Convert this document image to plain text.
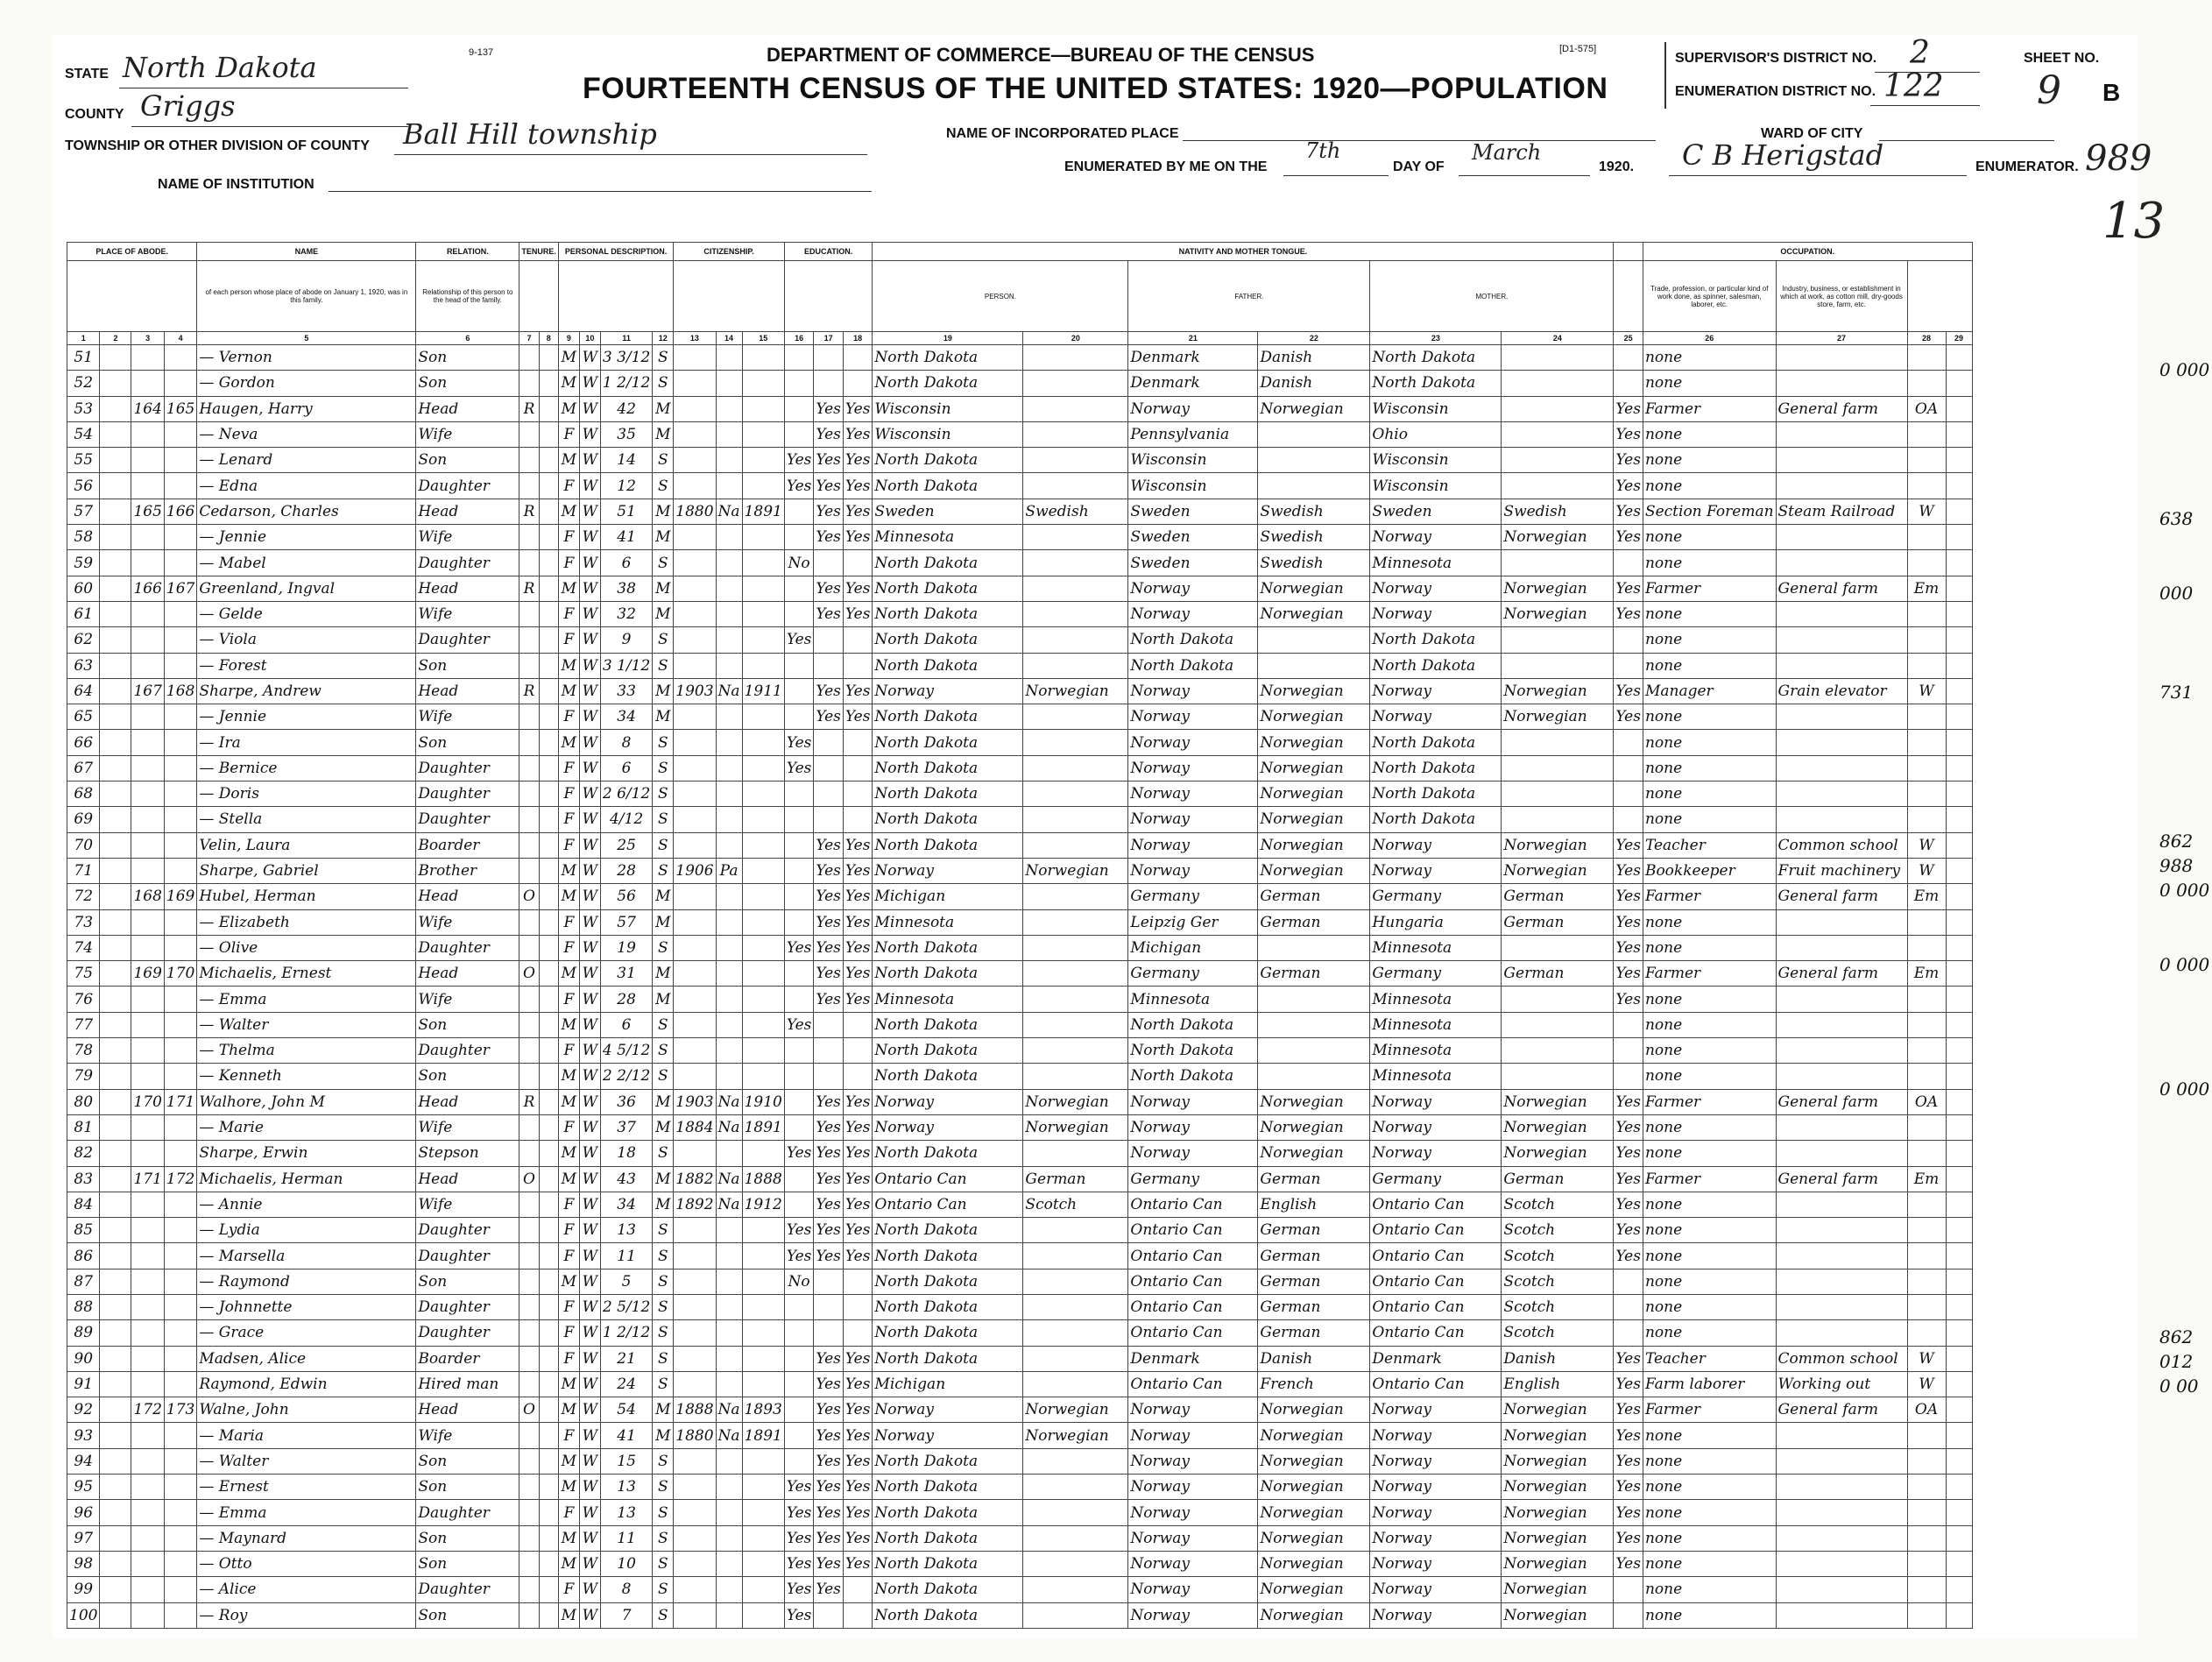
9-137	DEPARTMENT OF COMMERCE—BUREAU OF THE CENSUS	[D1-575]
FOURTEENTH CENSUS OF THE UNITED STATES: 1920—POPULATION
STATE North Dakota
COUNTY Griggs
TOWNSHIP OR OTHER DIVISION OF COUNTY Ball Hill township
NAME OF INSTITUTION
NAME OF INCORPORATED PLACE
ENUMERATED BY ME ON THE
7th
DAY OF
March
1920. C B Herigstad	ENUMERATOR.
WARD OF CITY
SUPERVISOR'S DISTRICT NO. 2
ENUMERATION DISTRICT NO. 122
SHEET NO.
9 B
989
13
PLACE OF ABODE.				NAME	RELATION.	TENURE.		PERSONAL DESCRIPTION.				CITIZENSHIP.			EDUCATION.			NATIVITY AND MOTHER TONGUE.							OCCUPATION.			
				of each person whose place of abode on January 1, 1920, was in this family.	Relationship of this person to the head of the family.													PERSON.		FATHER.		MOTHER.			Trade, profession, or particular kind of work done, as spinner, salesman, laborer, etc.	Industry, business, or establishment in which at work, as cotton mill, dry-goods store, farm, etc.		
1	2	3	4	5	6	7	8	9	10	11	12	13	14	15	16	17	18	19	20	21	22	23	24	25	26	27	28	29
51				— Vernon	Son			M	W	3 3/12	S							North Dakota		Denmark	Danish	North Dakota			none			
52				— Gordon	Son			M	W	1 2/12	S							North Dakota		Denmark	Danish	North Dakota			none			
53		164	165	Haugen, Harry	Head	R		M	W	42	M					Yes	Yes	Wisconsin		Norway	Norwegian	Wisconsin		Yes	Farmer	General farm	OA	
54				— Neva	Wife			F	W	35	M					Yes	Yes	Wisconsin		Pennsylvania		Ohio		Yes	none			
55				— Lenard	Son			M	W	14	S				Yes	Yes	Yes	North Dakota		Wisconsin		Wisconsin		Yes	none			
56				— Edna	Daughter			F	W	12	S				Yes	Yes	Yes	North Dakota		Wisconsin		Wisconsin		Yes	none			
57		165	166	Cedarson, Charles	Head	R		M	W	51	M	1880	Na	1891		Yes	Yes	Sweden	Swedish	Sweden	Swedish	Sweden	Swedish	Yes	Section Foreman	Steam Railroad	W	
58				— Jennie	Wife			F	W	41	M					Yes	Yes	Minnesota		Sweden	Swedish	Norway	Norwegian	Yes	none			
59				— Mabel	Daughter			F	W	6	S				No			North Dakota		Sweden	Swedish	Minnesota			none			
60		166	167	Greenland, Ingval	Head	R		M	W	38	M					Yes	Yes	North Dakota		Norway	Norwegian	Norway	Norwegian	Yes	Farmer	General farm	Em	
61				— Gelde	Wife			F	W	32	M					Yes	Yes	North Dakota		Norway	Norwegian	Norway	Norwegian	Yes	none			
62				— Viola	Daughter			F	W	9	S				Yes			North Dakota		North Dakota		North Dakota			none			
63				— Forest	Son			M	W	3 1/12	S							North Dakota		North Dakota		North Dakota			none			
64		167	168	Sharpe, Andrew	Head	R		M	W	33	M	1903	Na	1911		Yes	Yes	Norway	Norwegian	Norway	Norwegian	Norway	Norwegian	Yes	Manager	Grain elevator	W	
65				— Jennie	Wife			F	W	34	M					Yes	Yes	North Dakota		Norway	Norwegian	Norway	Norwegian	Yes	none			
66				— Ira	Son			M	W	8	S				Yes			North Dakota		Norway	Norwegian	North Dakota			none			
67				— Bernice	Daughter			F	W	6	S				Yes			North Dakota		Norway	Norwegian	North Dakota			none			
68				— Doris	Daughter			F	W	2 6/12	S							North Dakota		Norway	Norwegian	North Dakota			none			
69				— Stella	Daughter			F	W	4/12	S							North Dakota		Norway	Norwegian	North Dakota			none			
70				Velin, Laura	Boarder			F	W	25	S					Yes	Yes	North Dakota		Norway	Norwegian	Norway	Norwegian	Yes	Teacher	Common school	W	
71				Sharpe, Gabriel	Brother			M	W	28	S	1906	Pa			Yes	Yes	Norway	Norwegian	Norway	Norwegian	Norway	Norwegian	Yes	Bookkeeper	Fruit machinery	W	
72		168	169	Hubel, Herman	Head	O		M	W	56	M					Yes	Yes	Michigan		Germany	German	Germany	German	Yes	Farmer	General farm	Em	
73				— Elizabeth	Wife			F	W	57	M					Yes	Yes	Minnesota		Leipzig Ger	German	Hungaria	German	Yes	none			
74				— Olive	Daughter			F	W	19	S				Yes	Yes	Yes	North Dakota		Michigan		Minnesota		Yes	none			
75		169	170	Michaelis, Ernest	Head	O		M	W	31	M					Yes	Yes	North Dakota		Germany	German	Germany	German	Yes	Farmer	General farm	Em	
76				— Emma	Wife			F	W	28	M					Yes	Yes	Minnesota		Minnesota		Minnesota		Yes	none			
77				— Walter	Son			M	W	6	S				Yes			North Dakota		North Dakota		Minnesota			none			
78				— Thelma	Daughter			F	W	4 5/12	S							North Dakota		North Dakota		Minnesota			none			
79				— Kenneth	Son			M	W	2 2/12	S							North Dakota		North Dakota		Minnesota			none			
80		170	171	Walhore, John M	Head	R		M	W	36	M	1903	Na	1910		Yes	Yes	Norway	Norwegian	Norway	Norwegian	Norway	Norwegian	Yes	Farmer	General farm	OA	
81				— Marie	Wife			F	W	37	M	1884	Na	1891		Yes	Yes	Norway	Norwegian	Norway	Norwegian	Norway	Norwegian	Yes	none			
82				Sharpe, Erwin	Stepson			M	W	18	S				Yes	Yes	Yes	North Dakota		Norway	Norwegian	Norway	Norwegian	Yes	none			
83		171	172	Michaelis, Herman	Head	O		M	W	43	M	1882	Na	1888		Yes	Yes	Ontario Can	German	Germany	German	Germany	German	Yes	Farmer	General farm	Em	
84				— Annie	Wife			F	W	34	M	1892	Na	1912		Yes	Yes	Ontario Can	Scotch	Ontario Can	English	Ontario Can	Scotch	Yes	none			
85				— Lydia	Daughter			F	W	13	S				Yes	Yes	Yes	North Dakota		Ontario Can	German	Ontario Can	Scotch	Yes	none			
86				— Marsella	Daughter			F	W	11	S				Yes	Yes	Yes	North Dakota		Ontario Can	German	Ontario Can	Scotch	Yes	none			
87				— Raymond	Son			M	W	5	S				No			North Dakota		Ontario Can	German	Ontario Can	Scotch		none			
88				— Johnnette	Daughter			F	W	2 5/12	S							North Dakota		Ontario Can	German	Ontario Can	Scotch		none			
89				— Grace	Daughter			F	W	1 2/12	S							North Dakota		Ontario Can	German	Ontario Can	Scotch		none			
90				Madsen, Alice	Boarder			F	W	21	S					Yes	Yes	North Dakota		Denmark	Danish	Denmark	Danish	Yes	Teacher	Common school	W	
91				Raymond, Edwin	Hired man			M	W	24	S					Yes	Yes	Michigan		Ontario Can	French	Ontario Can	English	Yes	Farm laborer	Working out	W	
92		172	173	Walne, John	Head	O		M	W	54	M	1888	Na	1893		Yes	Yes	Norway	Norwegian	Norway	Norwegian	Norway	Norwegian	Yes	Farmer	General farm	OA	
93				— Maria	Wife			F	W	41	M	1880	Na	1891		Yes	Yes	Norway	Norwegian	Norway	Norwegian	Norway	Norwegian	Yes	none			
94				— Walter	Son			M	W	15	S					Yes	Yes	North Dakota		Norway	Norwegian	Norway	Norwegian	Yes	none			
95				— Ernest	Son			M	W	13	S				Yes	Yes	Yes	North Dakota		Norway	Norwegian	Norway	Norwegian	Yes	none			
96				— Emma	Daughter			F	W	13	S				Yes	Yes	Yes	North Dakota		Norway	Norwegian	Norway	Norwegian	Yes	none			
97				— Maynard	Son			M	W	11	S				Yes	Yes	Yes	North Dakota		Norway	Norwegian	Norway	Norwegian	Yes	none			
98				— Otto	Son			M	W	10	S				Yes	Yes	Yes	North Dakota		Norway	Norwegian	Norway	Norwegian	Yes	none			
99				— Alice	Daughter			F	W	8	S				Yes	Yes		North Dakota		Norway	Norwegian	Norway	Norwegian		none			
100				— Roy	Son			M	W	7	S				Yes			North Dakota		Norway	Norwegian	Norway	Norwegian		none			
0 000
638
000
731
862
988
0 000
0 000
0 000
862
012
0 00
